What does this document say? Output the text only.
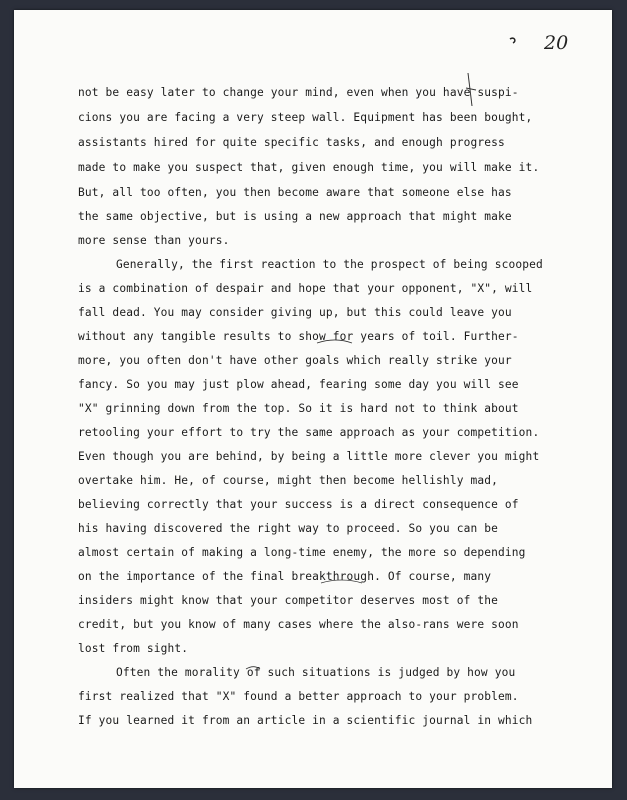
20
not be easy later to change your mind, even when you have suspi-
cions you are facing a very steep wall. Equipment has been bought,
assistants hired for quite specific tasks, and enough progress
made to make you suspect that, given enough time, you will make it.
But, all too often, you then become aware that someone else has
the same objective, but is using a new approach that might make
more sense than yours.
Generally, the first reaction to the prospect of being scooped
is a combination of despair and hope that your opponent, "X", will
fall dead. You may consider giving up, but this could leave you
without any tangible results to show for years of toil. Further-
more, you often don't have other goals which really strike your
fancy. So you may just plow ahead, fearing some day you will see
"X" grinning down from the top. So it is hard not to think about
retooling your effort to try the same approach as your competition.
Even though you are behind, by being a little more clever you might
overtake him. He, of course, might then become hellishly mad,
believing correctly that your success is a direct consequence of
his having discovered the right way to proceed. So you can be
almost certain of making a long-time enemy, the more so depending
on the importance of the final breakthrough. Of course, many
insiders might know that your competitor deserves most of the
credit, but you know of many cases where the also-rans were soon
lost from sight.
Often the morality of such situations is judged by how you
first realized that "X" found a better approach to your problem.
If you learned it from an article in a scientific journal in which
